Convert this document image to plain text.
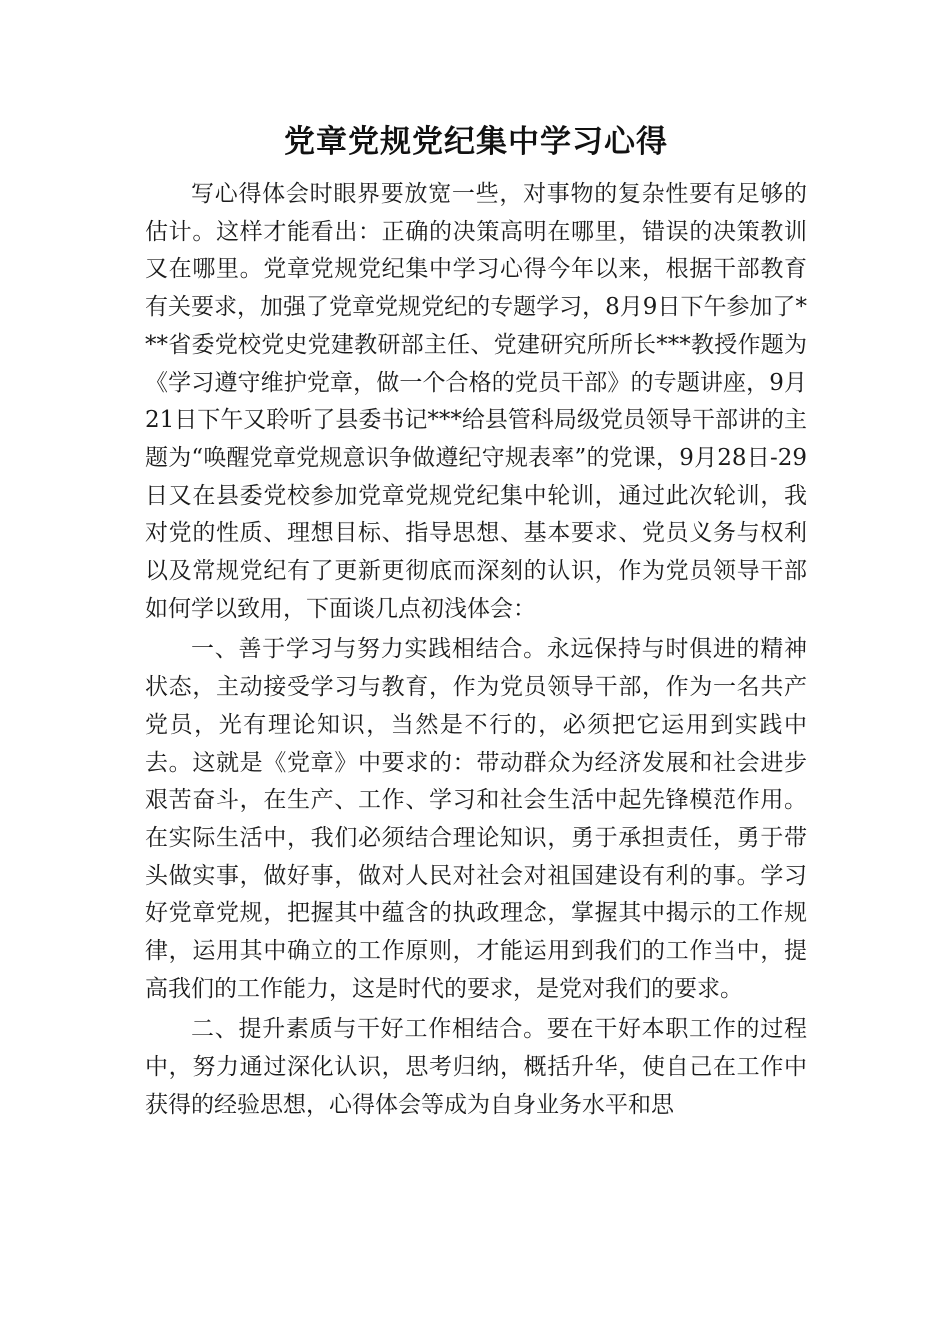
党章党规党纪集中学习心得

写心得体会时眼界要放宽一些，对事物的复杂性要有足够的估计。这样才能看出：正确的决策高明在哪里，错误的决策教训又在哪里。党章党规党纪集中学习心得今年以来，根据干部教育有关要求，加强了党章党规党纪的专题学习，8月9日下午参加了***省委党校党史党建教研部主任、党建研究所所长***教授作题为《学习遵守维护党章，做一个合格的党员干部》的专题讲座，9月21日下午又聆听了县委书记***给县管科局级党员领导干部讲的主题为“唤醒党章党规意识争做遵纪守规表率”的党课，9月28日-29日又在县委党校参加党章党规党纪集中轮训，通过此次轮训，我对党的性质、理想目标、指导思想、基本要求、党员义务与权利以及常规党纪有了更新更彻底而深刻的认识，作为党员领导干部如何学以致用，下面谈几点初浅体会：

一、善于学习与努力实践相结合。永远保持与时俱进的精神状态，主动接受学习与教育，作为党员领导干部，作为一名共产党员，光有理论知识，当然是不行的，必须把它运用到实践中去。这就是《党章》中要求的：带动群众为经济发展和社会进步艰苦奋斗，在生产、工作、学习和社会生活中起先锋模范作用。在实际生活中，我们必须结合理论知识，勇于承担责任，勇于带头做实事，做好事，做对人民对社会对祖国建设有利的事。学习好党章党规，把握其中蕴含的执政理念，掌握其中揭示的工作规律，运用其中确立的工作原则，才能运用到我们的工作当中，提高我们的工作能力，这是时代的要求，是党对我们的要求。

二、提升素质与干好工作相结合。要在干好本职工作的过程中，努力通过深化认识，思考归纳，概括升华，使自己在工作中获得的经验思想，心得体会等成为自身业务水平和思
